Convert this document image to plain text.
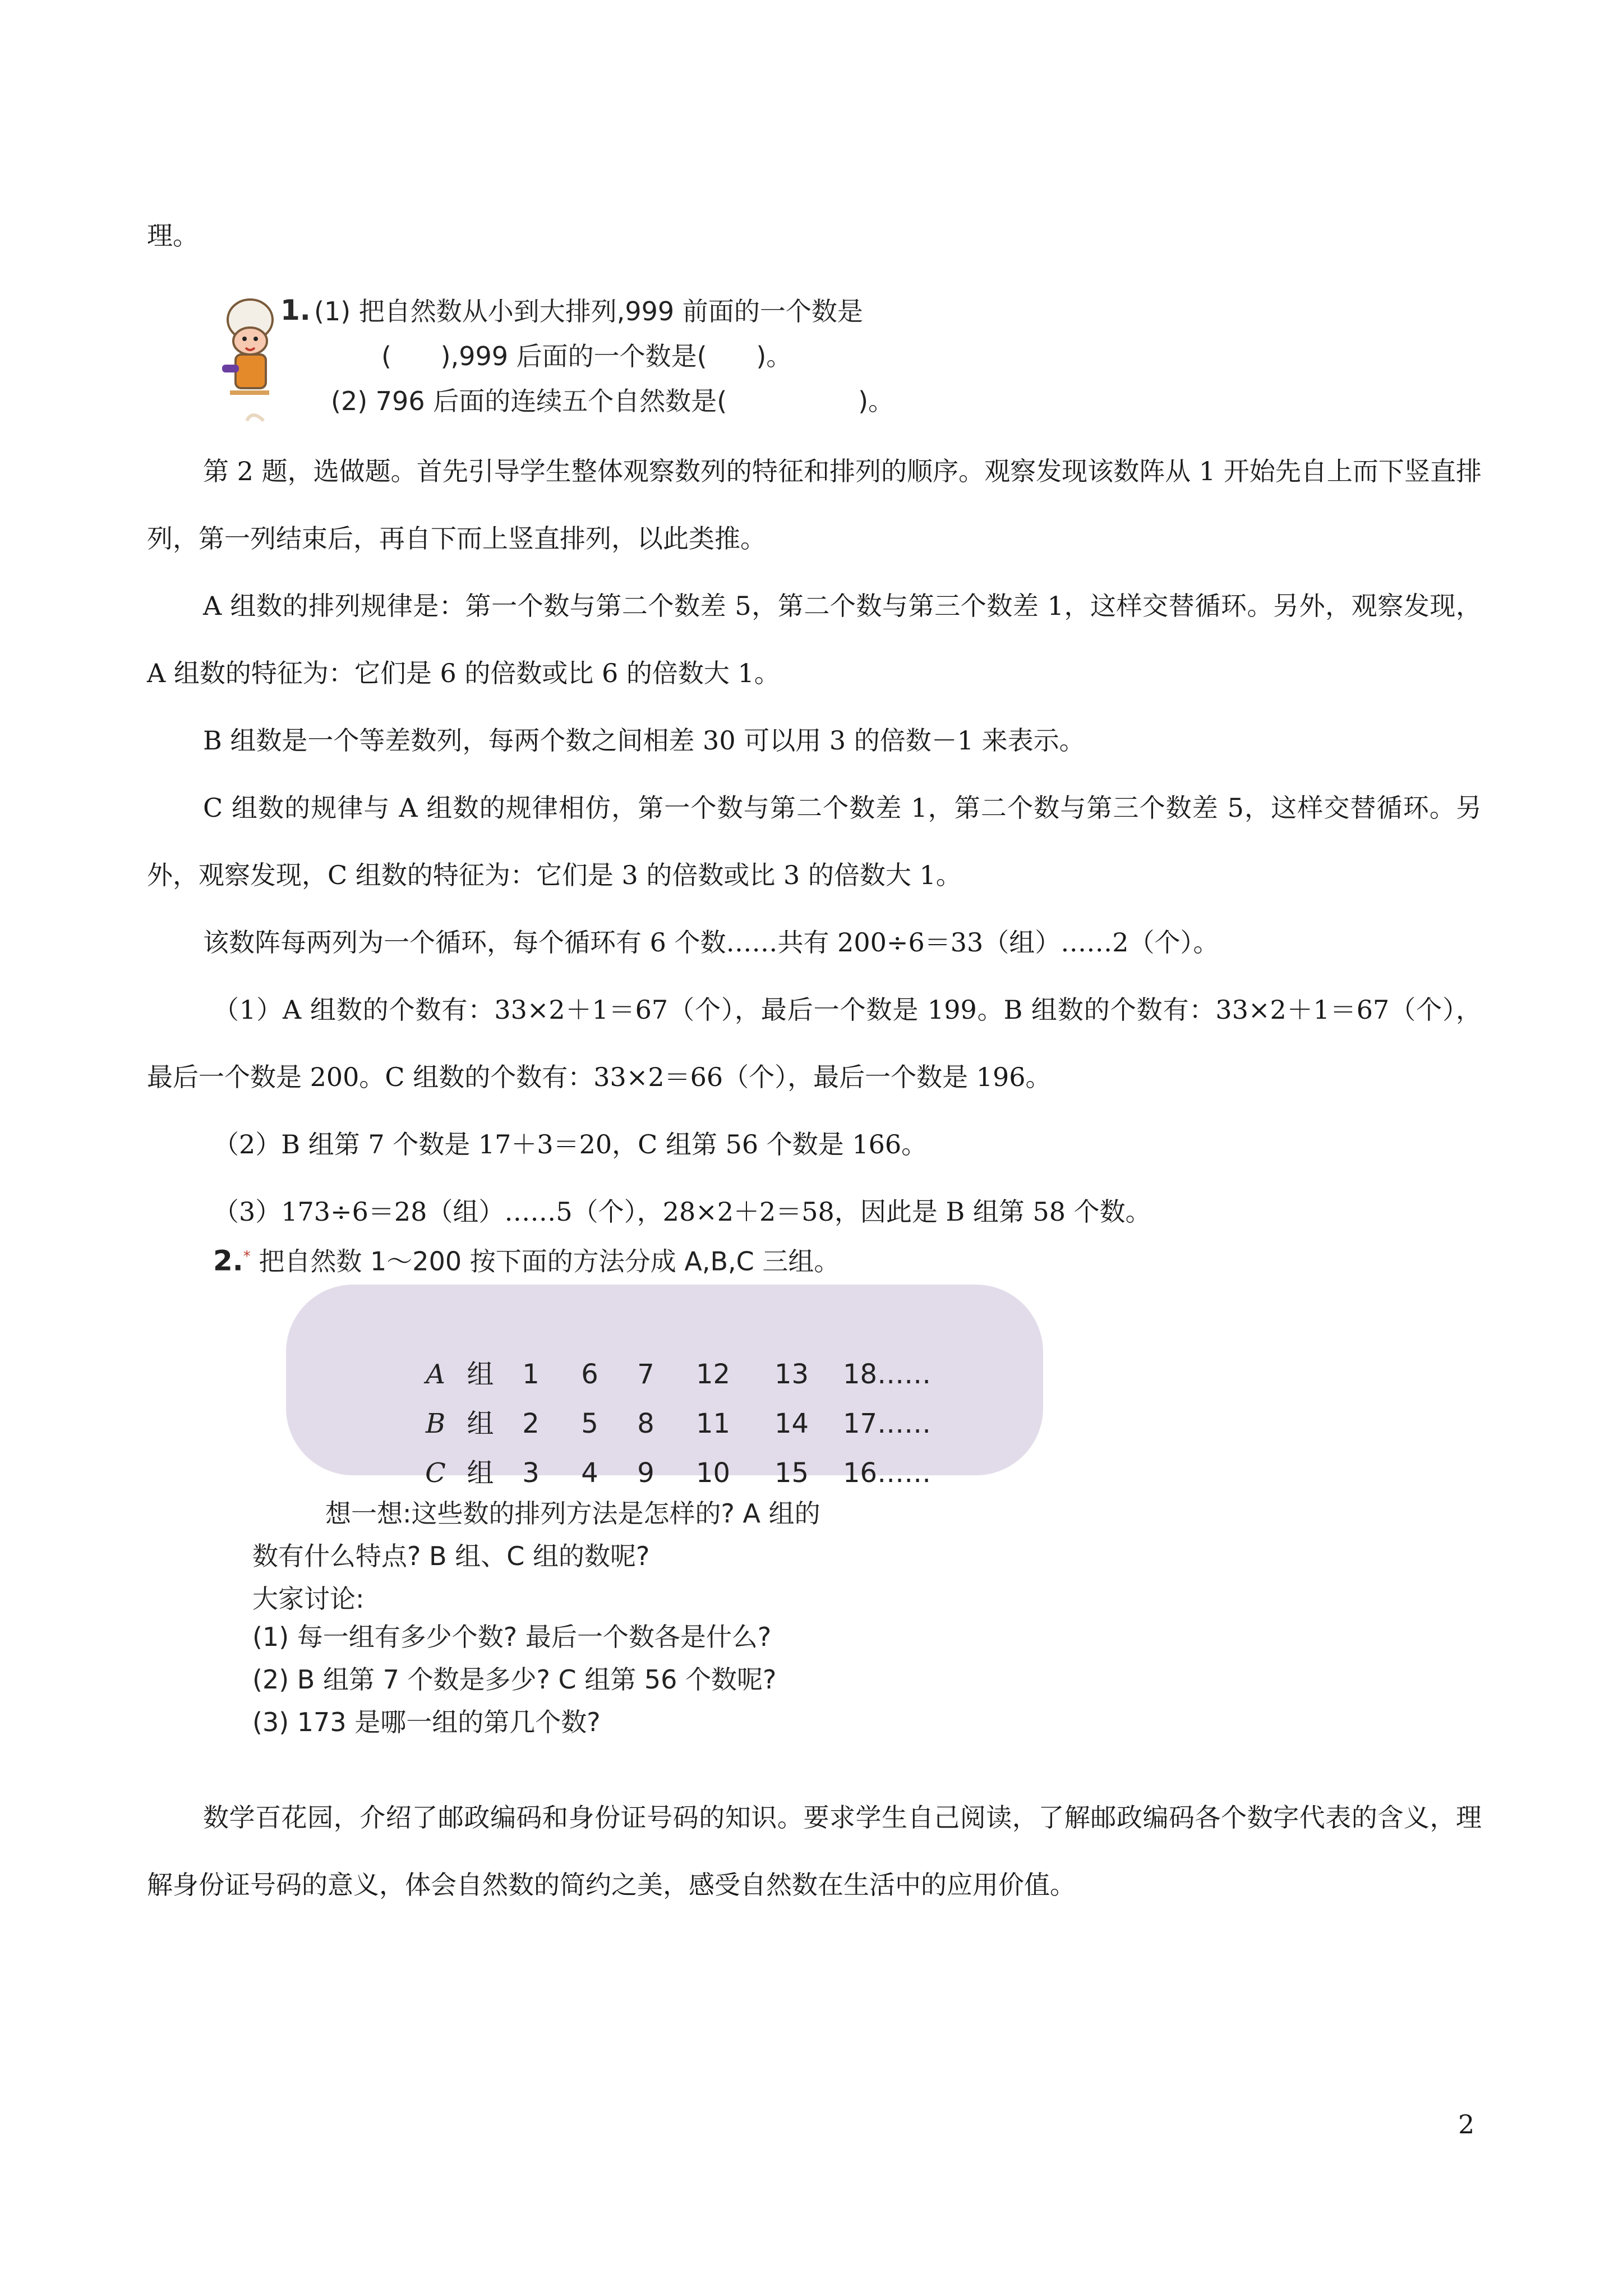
理。

1. (1) 把自然数从小到大排列,999 前面的一个数是
(      ),999 后面的一个数是(      )。
(2) 796 后面的连续五个自然数是(                )。

第 2 题，选做题。首先引导学生整体观察数列的特征和排列的顺序。观察发现该数阵从 1 开始先自上而下竖直排列，第一列结束后，再自下而上竖直排列，以此类推。

A 组数的排列规律是：第一个数与第二个数差 5，第二个数与第三个数差 1，这样交替循环。另外，观察发现，A 组数的特征为：它们是 6 的倍数或比 6 的倍数大 1。

B 组数是一个等差数列，每两个数之间相差 30 可以用 3 的倍数－1 来表示。

C 组数的规律与 A 组数的规律相仿，第一个数与第二个数差 1，第二个数与第三个数差 5，这样交替循环。另外，观察发现，C 组数的特征为：它们是 3 的倍数或比 3 的倍数大 1。

该数阵每两列为一个循环，每个循环有 6 个数……共有 200÷6＝33（组）……2（个）。

（1）A 组数的个数有：33×2＋1＝67（个），最后一个数是 199。B 组数的个数有：33×2＋1＝67（个），最后一个数是 200。C 组数的个数有：33×2＝66（个），最后一个数是 196。

（2）B 组第 7 个数是 17＋3＝20，C 组第 56 个数是 166。

（3）173÷6＝28（组）……5（个），28×2＋2＝58，因此是 B 组第 58 个数。

2.* 把自然数 1～200 按下面的方法分成 A,B,C 三组。

A 组 1 6 7 12 13 18……

B 组 2 5 8 11 14 17……

C 组 3 4 9 10 15 16……

想一想:这些数的排列方法是怎样的? A 组的
数有什么特点? B 组、C 组的数呢?
大家讨论:
(1) 每一组有多少个数? 最后一个数各是什么?
(2) B 组第 7 个数是多少? C 组第 56 个数呢?
(3) 173 是哪一组的第几个数?

数学百花园，介绍了邮政编码和身份证号码的知识。要求学生自己阅读，了解邮政编码各个数字代表的含义，理解身份证号码的意义，体会自然数的简约之美，感受自然数在生活中的应用价值。

2
